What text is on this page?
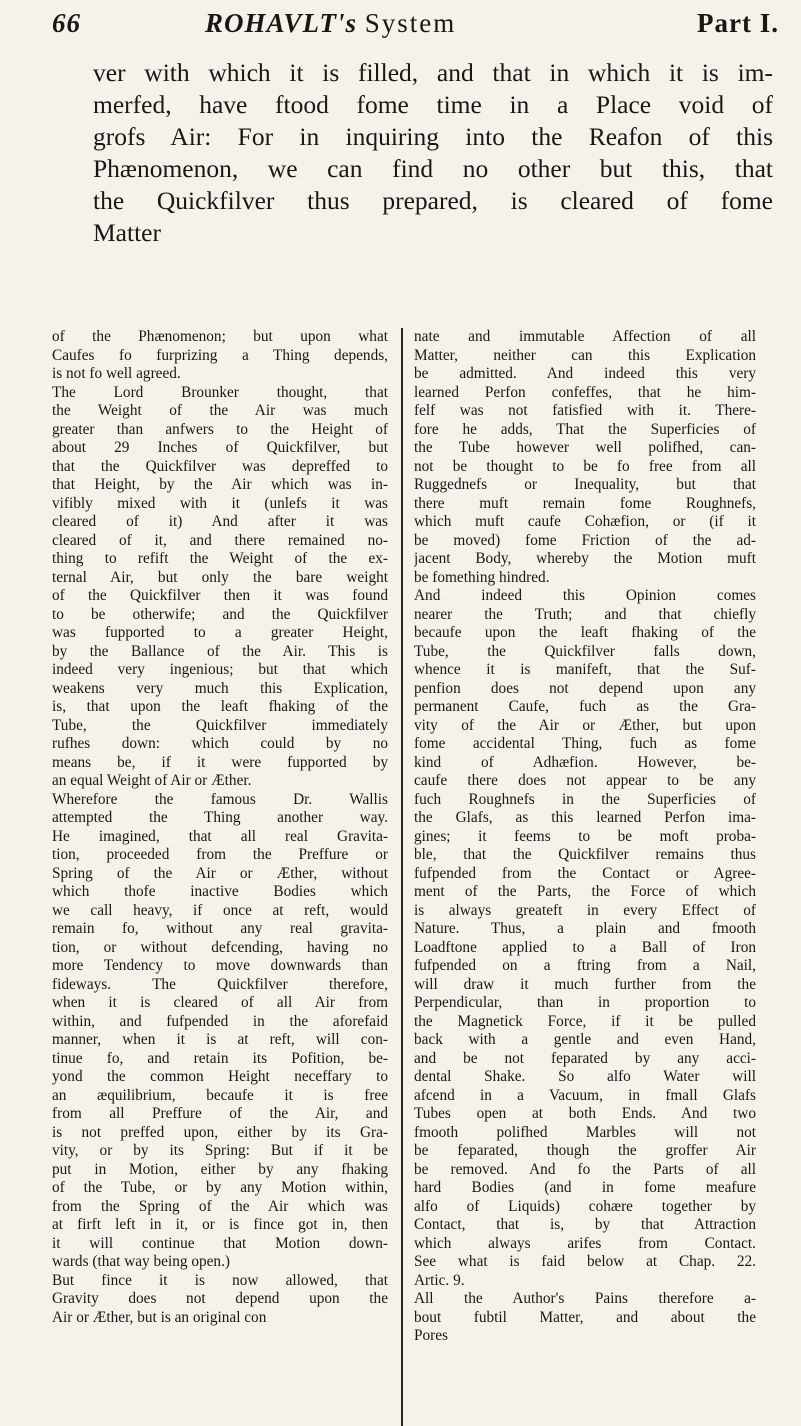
66	ROHAVLT's System	Part I.
ver with which it is filled, and that in which it is im-
merfed, have ftood fome time in a Place void of
grofs Air: For in inquiring into the Reafon of this
Phænomenon, we can find no other but this, that
the Quickfilver thus prepared, is cleared of fome
Matter
of the Phænomenon; but upon what
Caufes fo furprizing a Thing depends,
is not fo well agreed.
The Lord Brounker thought, that
the Weight of the Air was much
greater than anfwers to the Height of
about 29 Inches of Quickfilver, but
that the Quickfilver was depreffed to
that Height, by the Air which was in-
vifibly mixed with it (unlefs it was
cleared of it) And after it was
cleared of it, and there remained no-
thing to refift the Weight of the ex-
ternal Air, but only the bare weight
of the Quickfilver then it was found
to be otherwife; and the Quickfilver
was fupported to a greater Height,
by the Ballance of the Air. This is
indeed very ingenious; but that which
weakens very much this Explication,
is, that upon the leaft fhaking of the
Tube, the Quickfilver immediately
rufhes down: which could by no
means be, if it were fupported by
an equal Weight of Air or Æther.
Wherefore the famous Dr. Wallis
attempted the Thing another way.
He imagined, that all real Gravita-
tion, proceeded from the Preffure or
Spring of the Air or Æther, without
which thofe inactive Bodies which
we call heavy, if once at reft, would
remain fo, without any real gravita-
tion, or without defcending, having no
more Tendency to move downwards than
fideways. The Quickfilver therefore,
when it is cleared of all Air from
within, and fufpended in the aforefaid
manner, when it is at reft, will con-
tinue fo, and retain its Pofition, be-
yond the common Height neceffary to
an æquilibrium, becaufe it is free
from all Preffure of the Air, and
is not preffed upon, either by its Gra-
vity, or by its Spring: But if it be
put in Motion, either by any fhaking
of the Tube, or by any Motion within,
from the Spring of the Air which was
at firft left in it, or is fince got in, then
it will continue that Motion down-
wards (that way being open.)
But fince it is now allowed, that
Gravity does not depend upon the
Air or Æther, but is an original con
nate and immutable Affection of all
Matter, neither can this Explication
be admitted. And indeed this very
learned Perfon confeffes, that he him-
felf was not fatisfied with it. There-
fore he adds, That the Superficies of
the Tube however well polifhed, can-
not be thought to be fo free from all
Ruggednefs or Inequality, but that
there muft remain fome Roughnefs,
which muft caufe Cohæfion, or (if it
be moved) fome Friction of the ad-
jacent Body, whereby the Motion muft
be fomething hindred.
And indeed this Opinion comes
nearer the Truth; and that chiefly
becaufe upon the leaft fhaking of the
Tube, the Quickfilver falls down,
whence it is manifeft, that the Suf-
penfion does not depend upon any
permanent Caufe, fuch as the Gra-
vity of the Air or Æther, but upon
fome accidental Thing, fuch as fome
kind of Adhæfion. However, be-
caufe there does not appear to be any
fuch Roughnefs in the Superficies of
the Glafs, as this learned Perfon ima-
gines; it feems to be moft proba-
ble, that the Quickfilver remains thus
fufpended from the Contact or Agree-
ment of the Parts, the Force of which
is always greateft in every Effect of
Nature. Thus, a plain and fmooth
Loadftone applied to a Ball of Iron
fufpended on a ftring from a Nail,
will draw it much further from the
Perpendicular, than in proportion to
the Magnetick Force, if it be pulled
back with a gentle and even Hand,
and be not feparated by any acci-
dental Shake. So alfo Water will
afcend in a Vacuum, in fmall Glafs
Tubes open at both Ends. And two
fmooth polifhed Marbles will not
be feparated, though the groffer Air
be removed. And fo the Parts of all
hard Bodies (and in fome meafure
alfo of Liquids) cohære together by
Contact, that is, by that Attraction
which always arifes from Contact.
See what is faid below at Chap. 22.
Artic. 9.
All the Author's Pains therefore a-
bout fubtil Matter, and about the
Pores
